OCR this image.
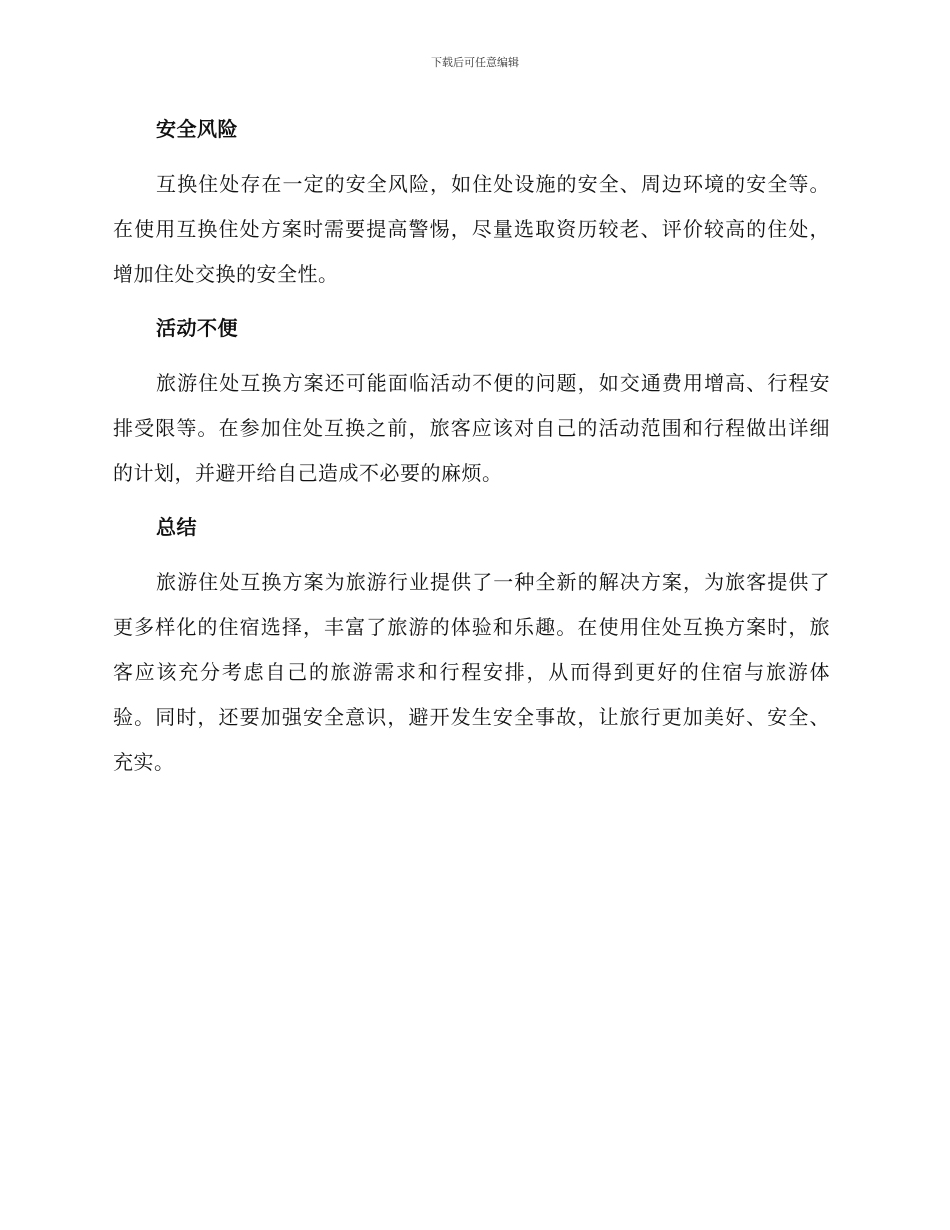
下载后可任意编辑
安全风险
互换住处存在一定的安全风险，如住处设施的安全、周边环境的安全等。在使用互换住处方案时需要提高警惕，尽量选取资历较老、评价较高的住处，增加住处交换的安全性。
活动不便
旅游住处互换方案还可能面临活动不便的问题，如交通费用增高、行程安排受限等。在参加住处互换之前，旅客应该对自己的活动范围和行程做出详细的计划，并避开给自己造成不必要的麻烦。
总结
旅游住处互换方案为旅游行业提供了一种全新的解决方案，为旅客提供了更多样化的住宿选择，丰富了旅游的体验和乐趣。在使用住处互换方案时，旅客应该充分考虑自己的旅游需求和行程安排，从而得到更好的住宿与旅游体验。同时，还要加强安全意识，避开发生安全事故，让旅行更加美好、安全、充实。
